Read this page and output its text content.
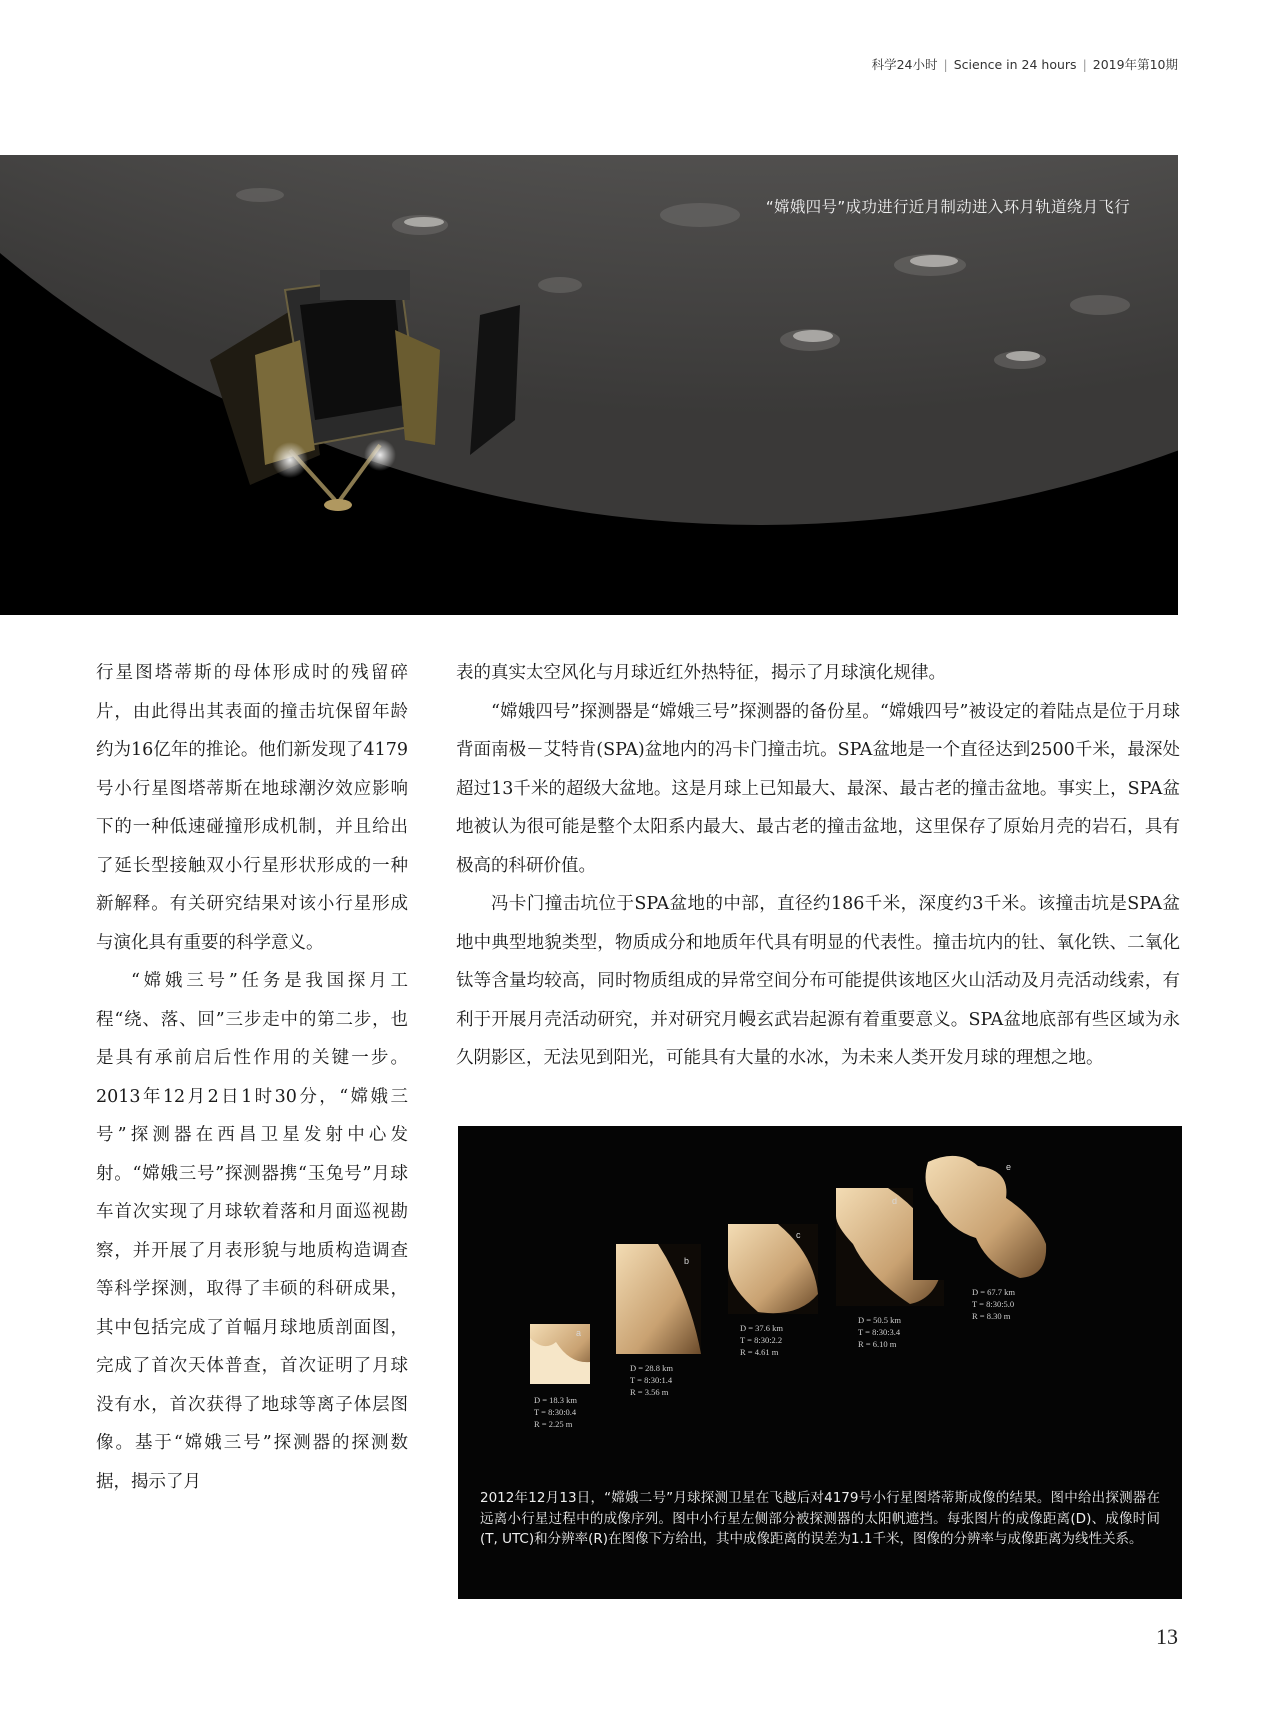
科学24小时 | Science in 24 hours | 2019年第10期
“嫦娥四号”成功进行近月制动进入环月轨道绕月飞行

行星图塔蒂斯的母体形成时的残留碎片，由此得出其表面的撞击坑保留年龄约为16亿年的推论。他们新发现了4179号小行星图塔蒂斯在地球潮汐效应影响下的一种低速碰撞形成机制，并且给出了延长型接触双小行星形状形成的一种新解释。有关研究结果对该小行星形成与演化具有重要的科学意义。

“嫦娥三号”任务是我国探月工程“绕、落、回”三步走中的第二步，也是具有承前启后性作用的关键一步。2013年12月2日1时30分，“嫦娥三号”探测器在西昌卫星发射中心发射。“嫦娥三号”探测器携“玉兔号”月球车首次实现了月球软着落和月面巡视勘察，并开展了月表形貌与地质构造调查等科学探测，取得了丰硕的科研成果，其中包括完成了首幅月球地质剖面图，完成了首次天体普查，首次证明了月球没有水，首次获得了地球等离子体层图像。基于“嫦娥三号”探测器的探测数据，揭示了月

表的真实太空风化与月球近红外热特征，揭示了月球演化规律。

“嫦娥四号”探测器是“嫦娥三号”探测器的备份星。“嫦娥四号”被设定的着陆点是位于月球背面南极－艾特肯(SPA)盆地内的冯卡门撞击坑。SPA盆地是一个直径达到2500千米，最深处超过13千米的超级大盆地。这是月球上已知最大、最深、最古老的撞击盆地。事实上，SPA盆地被认为很可能是整个太阳系内最大、最古老的撞击盆地，这里保存了原始月壳的岩石，具有极高的科研价值。

冯卡门撞击坑位于SPA盆地的中部，直径约186千米，深度约3千米。该撞击坑是SPA盆地中典型地貌类型，物质成分和地质年代具有明显的代表性。撞击坑内的钍、氧化铁、二氧化钛等含量均较高，同时物质组成的异常空间分布可能提供该地区火山活动及月壳活动线索，有利于开展月壳活动研究，并对研究月幔玄武岩起源有着重要意义。SPA盆地底部有些区域为永久阴影区，无法见到阳光，可能具有大量的水冰，为未来人类开发月球的理想之地。

a
b
c
d
e
D = 18.3 km
T = 8:30:0.4
R = 2.25 m
D = 28.8 km
T = 8:30:1.4
R = 3.56 m
D = 37.6 km
T = 8:30:2.2
R = 4.61 m
D = 50.5 km
T = 8:30:3.4
R = 6.10 m
D = 67.7 km
T = 8:30:5.0
R = 8.30 m
2012年12月13日，“嫦娥二号”月球探测卫星在飞越后对4179号小行星图塔蒂斯成像的结果。图中给出探测器在远离小行星过程中的成像序列。图中小行星左侧部分被探测器的太阳帆遮挡。每张图片的成像距离(D)、成像时间(T, UTC)和分辨率(R)在图像下方给出，其中成像距离的误差为1.1千米，图像的分辨率与成像距离为线性关系。
13
